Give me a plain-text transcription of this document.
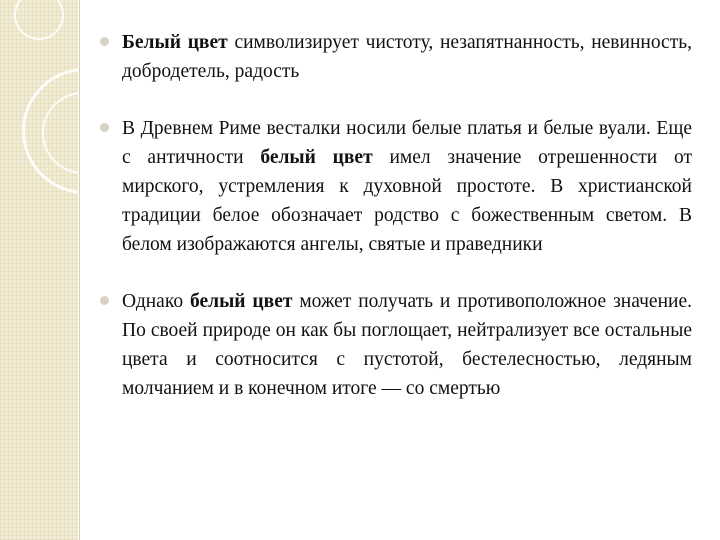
Белый цвет символизирует чистоту, незапятнанность, невинность, добродетель, радость

В Древнем Риме весталки носили белые платья и белые вуали. Еще с античности белый цвет имел значение отрешенности от мирского, устремления к духовной простоте. В христианской традиции белое обозначает родство с божественным светом. В белом изображаются ангелы, святые и праведники

Однако белый цвет может получать и противоположное значение. По своей природе он как бы поглощает, нейтрализует все остальные цвета и соотносится с пустотой, бестелесностью, ледяным молчанием и в конечном итоге — со смертью
